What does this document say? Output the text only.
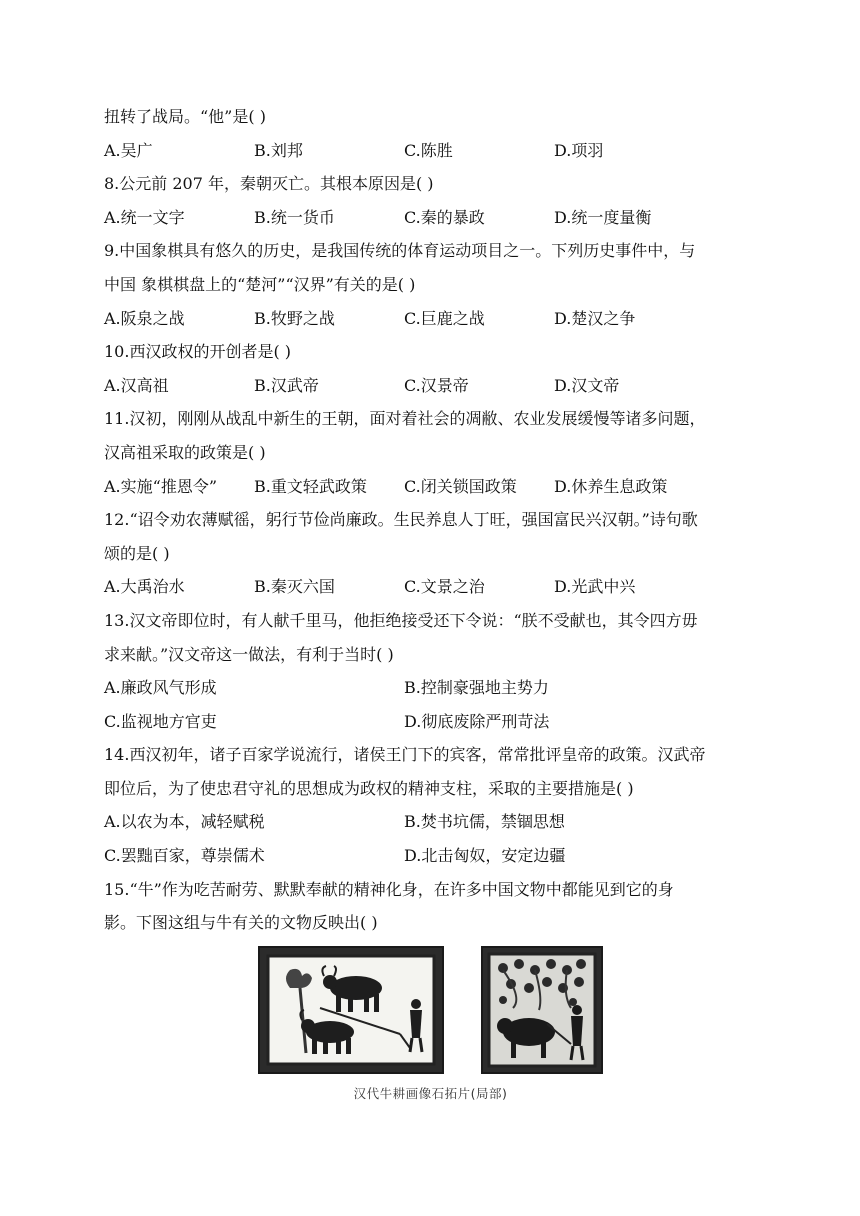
扭转了战局。“他”是( )
A.吴广	B.刘邦	C.陈胜	D.项羽
8.公元前 207 年，秦朝灭亡。其根本原因是( )
A.统一文字	B.统一货币	C.秦的暴政	D.统一度量衡
9.中国象棋具有悠久的历史，是我国传统的体育运动项目之一。下列历史事件中，与
中国 象棋棋盘上的“楚河”“汉界”有关的是( )
A.阪泉之战	B.牧野之战	C.巨鹿之战	D.楚汉之争
10.西汉政权的开创者是( )
A.汉高祖	B.汉武帝	C.汉景帝	D.汉文帝
11.汉初，刚刚从战乱中新生的王朝，面对着社会的凋敝、农业发展缓慢等诸多问题，
汉高祖采取的政策是( )
A.实施“推恩令”	B.重文轻武政策	C.闭关锁国政策	D.休养生息政策
12.“诏令劝农薄赋徭，躬行节俭尚廉政。生民养息人丁旺，强国富民兴汉朝。”诗句歌
颂的是( )
A.大禹治水	B.秦灭六国	C.文景之治	D.光武中兴
13.汉文帝即位时，有人献千里马，他拒绝接受还下令说：“朕不受献也，其令四方毋
求来献。”汉文帝这一做法，有利于当时( )
A.廉政风气形成	B.控制豪强地主势力
C.监视地方官吏	D.彻底废除严刑苛法
14.西汉初年，诸子百家学说流行，诸侯王门下的宾客，常常批评皇帝的政策。汉武帝
即位后，为了使忠君守礼的思想成为政权的精神支柱，采取的主要措施是( )
A.以农为本，减轻赋税	B.焚书坑儒，禁锢思想
C.罢黜百家，尊崇儒术	D.北击匈奴，安定边疆
15.“牛”作为吃苦耐劳、默默奉献的精神化身，在许多中国文物中都能见到它的身
影。下图这组与牛有关的文物反映出( )
汉代牛耕画像石拓片(局部)
